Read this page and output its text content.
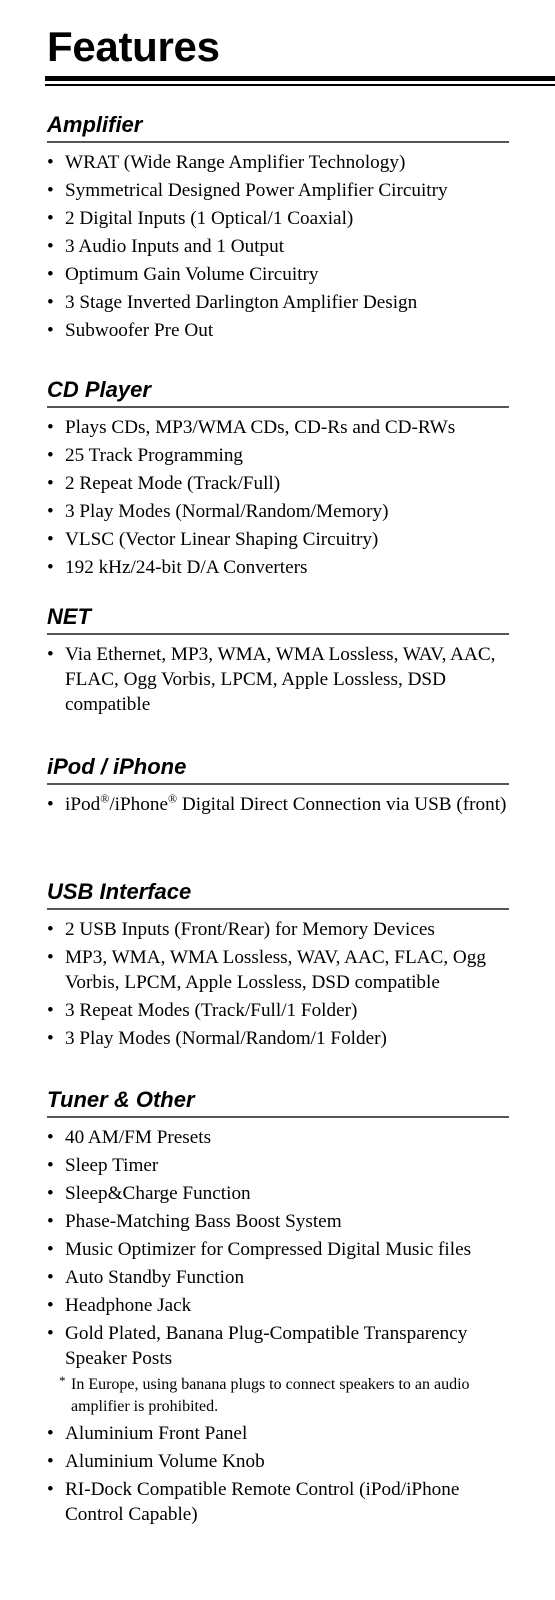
Features
Amplifier
• WRAT (Wide Range Amplifier Technology)
• Symmetrical Designed Power Amplifier Circuitry
• 2 Digital Inputs (1 Optical/1 Coaxial)
• 3 Audio Inputs and 1 Output
• Optimum Gain Volume Circuitry
• 3 Stage Inverted Darlington Amplifier Design
• Subwoofer Pre Out
CD Player
• Plays CDs, MP3/WMA CDs, CD-Rs and CD-RWs
• 25 Track Programming
• 2 Repeat Mode (Track/Full)
• 3 Play Modes (Normal/Random/Memory)
• VLSC (Vector Linear Shaping Circuitry)
• 192 kHz/24-bit D/A Converters
NET
• Via Ethernet, MP3, WMA, WMA Lossless, WAV, AAC, FLAC, Ogg Vorbis, LPCM, Apple Lossless, DSD compatible
iPod / iPhone
• iPod®/iPhone® Digital Direct Connection via USB (front)
USB Interface
• 2 USB Inputs (Front/Rear) for Memory Devices
• MP3, WMA, WMA Lossless, WAV, AAC, FLAC, Ogg Vorbis, LPCM, Apple Lossless, DSD compatible
• 3 Repeat Modes (Track/Full/1 Folder)
• 3 Play Modes (Normal/Random/1 Folder)
Tuner & Other
• 40 AM/FM Presets
• Sleep Timer
• Sleep&Charge Function
• Phase-Matching Bass Boost System
• Music Optimizer for Compressed Digital Music files
• Auto Standby Function
• Headphone Jack
• Gold Plated, Banana Plug-Compatible Transparency Speaker Posts
* In Europe, using banana plugs to connect speakers to an audio amplifier is prohibited.
• Aluminium Front Panel
• Aluminium Volume Knob
• RI-Dock Compatible Remote Control (iPod/iPhone Control Capable)
